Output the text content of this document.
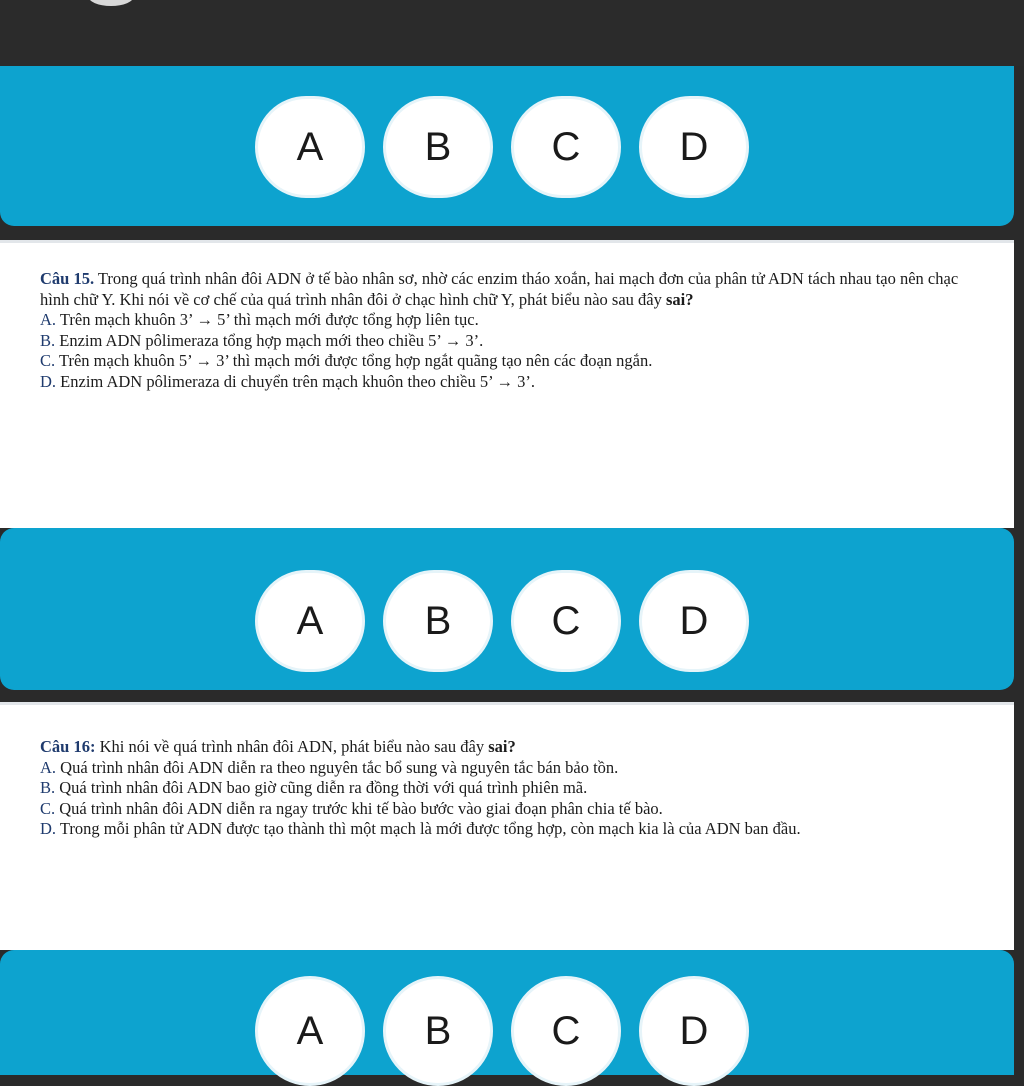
A	B	C	D

Câu 15. Trong quá trình nhân đôi ADN ở tế bào nhân sơ, nhờ các enzim tháo xoắn, hai mạch đơn của phân tử ADN tách nhau tạo nên chạc hình chữ Y. Khi nói về cơ chế của quá trình nhân đôi ở chạc hình chữ Y, phát biểu nào sau đây sai?

A. Trên mạch khuôn 3’ → 5’ thì mạch mới được tổng hợp liên tục.

B. Enzim ADN pôlimeraza tổng hợp mạch mới theo chiều 5’ → 3’.

C. Trên mạch khuôn 5’ → 3’ thì mạch mới được tổng hợp ngắt quãng tạo nên các đoạn ngắn.

D. Enzim ADN pôlimeraza di chuyển trên mạch khuôn theo chiều 5’ → 3’.

A	B	C	D

Câu 16: Khi nói về quá trình nhân đôi ADN, phát biểu nào sau đây sai?

A. Quá trình nhân đôi ADN diễn ra theo nguyên tắc bổ sung và nguyên tắc bán bảo tồn.

B. Quá trình nhân đôi ADN bao giờ cũng diễn ra đồng thời với quá trình phiên mã.

C. Quá trình nhân đôi ADN diễn ra ngay trước khi tế bào bước vào giai đoạn phân chia tế bào.

D. Trong mỗi phân tử ADN được tạo thành thì một mạch là mới được tổng hợp, còn mạch kia là của ADN ban đầu.

A	B	C	D
